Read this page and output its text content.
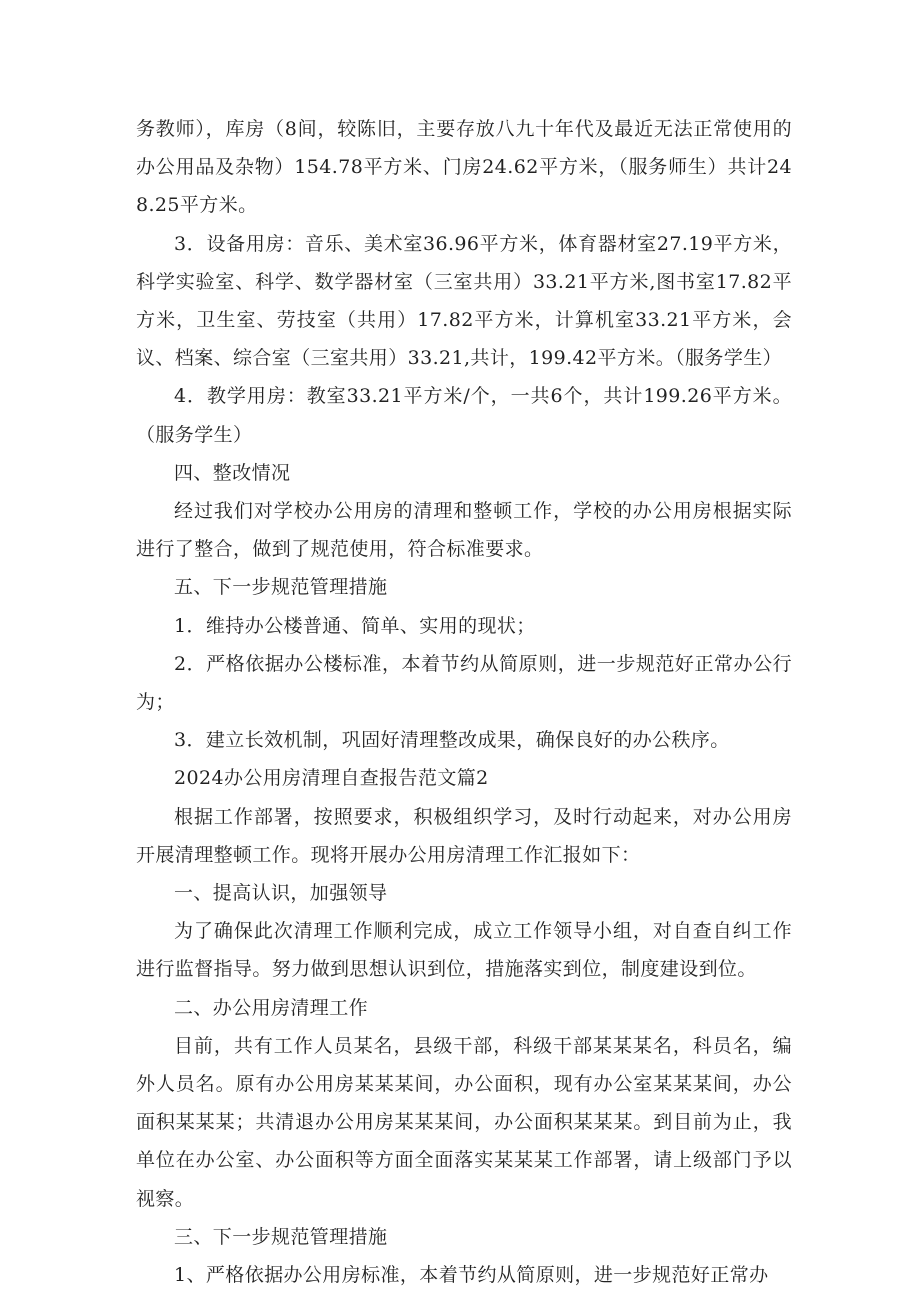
务教师），库房（8间，较陈旧，主要存放八九十年代及最近无法正常使用的办公用品及杂物）154.78平方米、门房24.62平方米，（服务师生）共计248.25平方米。

3．设备用房：音乐、美术室36.96平方米，体育器材室27.19平方米，科学实验室、科学、数学器材室（三室共用）33.21平方米,图书室17.82平方米，卫生室、劳技室（共用）17.82平方米，计算机室33.21平方米，会议、档案、综合室（三室共用）33.21,共计，199.42平方米。（服务学生）

4．教学用房：教室33.21平方米/个，一共6个，共计199.26平方米。（服务学生）

四、整改情况

经过我们对学校办公用房的清理和整顿工作，学校的办公用房根据实际进行了整合，做到了规范使用，符合标准要求。

五、下一步规范管理措施

1．维持办公楼普通、简单、实用的现状；

2．严格依据办公楼标准，本着节约从简原则，进一步规范好正常办公行为；

3．建立长效机制，巩固好清理整改成果，确保良好的办公秩序。

2024办公用房清理自查报告范文篇2

根据工作部署，按照要求，积极组织学习，及时行动起来，对办公用房开展清理整顿工作。现将开展办公用房清理工作汇报如下：

一、提高认识，加强领导

为了确保此次清理工作顺利完成，成立工作领导小组，对自查自纠工作进行监督指导。努力做到思想认识到位，措施落实到位，制度建设到位。

二、办公用房清理工作

目前，共有工作人员某名，县级干部，科级干部某某某名，科员名，编外人员名。原有办公用房某某某间，办公面积，现有办公室某某某间，办公面积某某某；共清退办公用房某某某间，办公面积某某某。到目前为止，我单位在办公室、办公面积等方面全面落实某某某工作部署，请上级部门予以视察。

三、下一步规范管理措施

1、严格依据办公用房标准，本着节约从简原则，进一步规范好正常办
